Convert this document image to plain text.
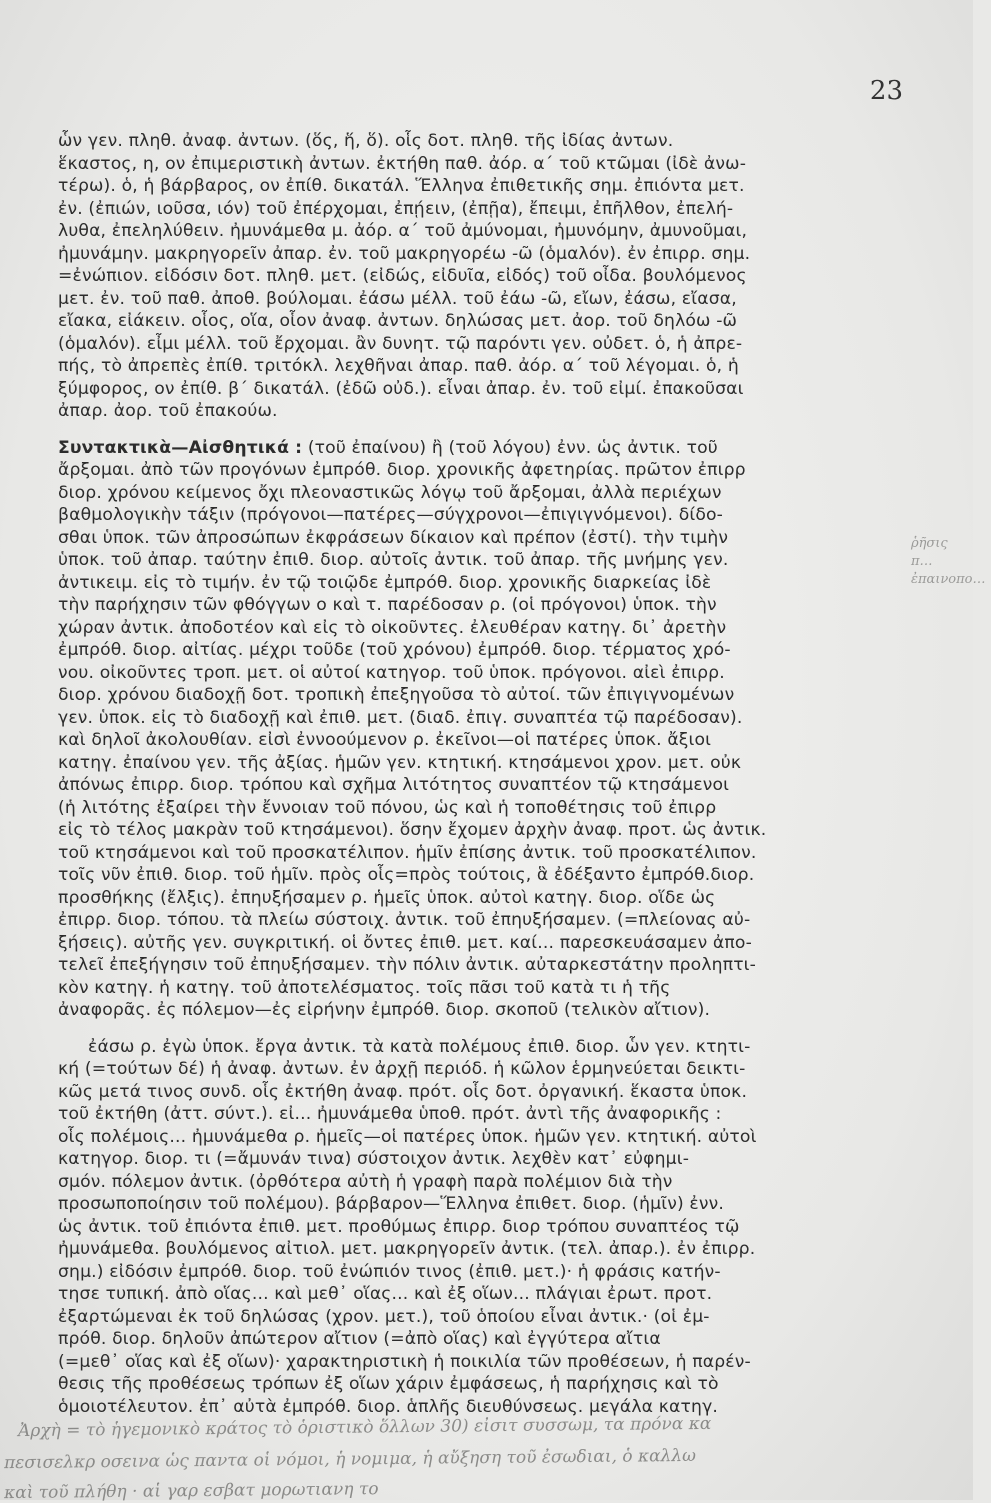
23
ὧν γεν. πληθ. ἀναφ. ἀντων. (ὅς, ἥ, ὅ). οἷς δοτ. πληθ. τῆς ἰδίας ἀντων.
ἕκαστος, η, ον ἐπιμεριστικὴ ἀντων. ἐκτήθη παθ. ἀόρ. α΄ τοῦ κτῶμαι (ἰδὲ ἀνω-
τέρω). ὁ, ἡ βάρβαρος, ον ἐπίθ. δικατάλ. Ἕλληνα ἐπιθετικῆς σημ. ἐπιόντα μετ.
ἐν. (ἐπιών, ιοῦσα, ιόν) τοῦ ἐπέρχομαι, ἐπῄειν, (ἐπῇα), ἔπειμι, ἐπῆλθον, ἐπελή-
λυθα, ἐπεληλύθειν. ἠμυνάμεθα μ. ἀόρ. α΄ τοῦ ἀμύνομαι, ἠμυνόμην, ἀμυνοῦμαι,
ἠμυνάμην. μακρηγορεῖν ἀπαρ. ἐν. τοῦ μακρηγορέω -ῶ (ὁμαλόν). ἐν ἐπιρρ. σημ.
=ἐνώπιον. εἰδόσιν δοτ. πληθ. μετ. (εἰδώς, εἰδυῖα, εἰδός) τοῦ οἶδα. βουλόμενος
μετ. ἐν. τοῦ παθ. ἀποθ. βούλομαι. ἐάσω μέλλ. τοῦ ἐάω -ῶ, εἴων, ἐάσω, εἴασα,
εἴακα, εἰάκειν. οἷος, οἵα, οἷον ἀναφ. ἀντων. δηλώσας μετ. ἀορ. τοῦ δηλόω -ῶ
(ὁμαλόν). εἶμι μέλλ. τοῦ ἔρχομαι. ἂν δυνητ. τῷ παρόντι γεν. οὐδετ. ὁ, ἡ ἀπρε-
πής, τὸ ἀπρεπὲς ἐπίθ. τριτόκλ. λεχθῆναι ἀπαρ. παθ. ἀόρ. α΄ τοῦ λέγομαι. ὁ, ἡ
ξύμφορος, ον ἐπίθ. β΄ δικατάλ. (ἐδῶ οὐδ.). εἶναι ἀπαρ. ἐν. τοῦ εἰμί. ἐπακοῦσαι
ἀπαρ. ἀορ. τοῦ ἐπακούω.
Συντακτικὰ—Αἰσθητικά : (τοῦ ἐπαίνου) ἢ (τοῦ λόγου) ἐνν. ὡς ἀντικ. τοῦ
ἄρξομαι. ἀπὸ τῶν προγόνων ἐμπρόθ. διορ. χρονικῆς ἀφετηρίας. πρῶτον ἐπιρρ
διορ. χρόνου κείμενος ὄχι πλεοναστικῶς λόγῳ τοῦ ἄρξομαι, ἀλλὰ περιέχων
βαθμολογικὴν τάξιν (πρόγονοι—πατέρες—σύγχρονοι—ἐπιγιγνόμενοι). δίδο-
σθαι ὑποκ. τῶν ἀπροσώπων ἐκφράσεων δίκαιον καὶ πρέπον (ἐστί). τὴν τιμὴν
ὑποκ. τοῦ ἀπαρ. ταύτην ἐπιθ. διορ. αὐτοῖς ἀντικ. τοῦ ἀπαρ. τῆς μνήμης γεν.
ἀντικειμ. εἰς τὸ τιμήν. ἐν τῷ τοιῷδε ἐμπρόθ. διορ. χρονικῆς διαρκείας ἰδὲ
τὴν παρήχησιν τῶν φθόγγων ο καὶ τ. παρέδοσαν ρ. (οἱ πρόγονοι) ὑποκ. τὴν
χώραν ἀντικ. ἀποδοτέον καὶ εἰς τὸ οἰκοῦντες. ἐλευθέραν κατηγ. δι᾽ ἀρετὴν
ἐμπρόθ. διορ. αἰτίας. μέχρι τοῦδε (τοῦ χρόνου) ἐμπρόθ. διορ. τέρματος χρό-
νου. οἰκοῦντες τροπ. μετ. οἱ αὐτοί κατηγορ. τοῦ ὑποκ. πρόγονοι. αἰεὶ ἐπιρρ.
διορ. χρόνου διαδοχῇ δοτ. τροπικὴ ἐπεξηγοῦσα τὸ αὐτοί. τῶν ἐπιγιγνομένων
γεν. ὑποκ. εἰς τὸ διαδοχῇ καὶ ἐπιθ. μετ. (διαδ. ἐπιγ. συναπτέα τῷ παρέδοσαν).
καὶ δηλοῖ ἀκολουθίαν. εἰσὶ ἐννοούμενον ρ. ἐκεῖνοι—οἱ πατέρες ὑποκ. ἄξιοι
κατηγ. ἐπαίνου γεν. τῆς ἀξίας. ἡμῶν γεν. κτητική. κτησάμενοι χρον. μετ. οὐκ
ἀπόνως ἐπιρρ. διορ. τρόπου καὶ σχῆμα λιτότητος συναπτέον τῷ κτησάμενοι
(ἡ λιτότης ἐξαίρει τὴν ἔννοιαν τοῦ πόνου, ὡς καὶ ἡ τοποθέτησις τοῦ ἐπιρρ
εἰς τὸ τέλος μακρὰν τοῦ κτησάμενοι). ὅσην ἔχομεν ἀρχὴν ἀναφ. προτ. ὡς ἀντικ.
τοῦ κτησάμενοι καὶ τοῦ προσκατέλιπον. ἡμῖν ἐπίσης ἀντικ. τοῦ προσκατέλιπον.
τοῖς νῦν ἐπιθ. διορ. τοῦ ἡμῖν. πρὸς οἷς=πρὸς τούτοις, ἃ ἐδέξαντο ἐμπρόθ.διορ.
προσθήκης (ἔλξις). ἐπηυξήσαμεν ρ. ἡμεῖς ὑποκ. αὐτοὶ κατηγ. διορ. οἵδε ὡς
ἐπιρρ. διορ. τόπου. τὰ πλείω σύστοιχ. ἀντικ. τοῦ ἐπηυξήσαμεν. (=πλείονας αὐ-
ξήσεις). αὐτῆς γεν. συγκριτική. οἱ ὄντες ἐπιθ. μετ. καί... παρεσκευάσαμεν ἀπο-
τελεῖ ἐπεξήγησιν τοῦ ἐπηυξήσαμεν. τὴν πόλιν ἀντικ. αὐταρκεστάτην προληπτι-
κὸν κατηγ. ἡ κατηγ. τοῦ ἀποτελέσματος. τοῖς πᾶσι τοῦ κατὰ τι ἡ τῆς
ἀναφορᾶς. ἐς πόλεμον—ἐς εἰρήνην ἐμπρόθ. διορ. σκοποῦ (τελικὸν αἴτιον).
ἐάσω ρ. ἐγὼ ὑποκ. ἔργα ἀντικ. τὰ κατὰ πολέμους ἐπιθ. διορ. ὧν γεν. κτητι-
κή (=τούτων δέ) ἡ ἀναφ. ἀντων. ἐν ἀρχῇ περιόδ. ἡ κῶλον ἑρμηνεύεται δεικτι-
κῶς μετά τινος συνδ. οἷς ἐκτήθη ἀναφ. πρότ. οἷς δοτ. ὀργανική. ἕκαστα ὑποκ.
τοῦ ἐκτήθη (ἀττ. σύντ.). εἰ... ἠμυνάμεθα ὑποθ. πρότ. ἀντὶ τῆς ἀναφορικῆς :
οἷς πολέμοις... ἠμυνάμεθα ρ. ἡμεῖς—οἱ πατέρες ὑποκ. ἡμῶν γεν. κτητική. αὐτοὶ
κατηγορ. διορ. τι (=ἄμυνάν τινα) σύστοιχον ἀντικ. λεχθὲν κατ᾽ εὐφημι-
σμόν. πόλεμον ἀντικ. (ὀρθότερα αὐτὴ ἡ γραφὴ παρὰ πολέμιον διὰ τὴν
προσωποποίησιν τοῦ πολέμου). βάρβαρον—Ἕλληνα ἐπιθετ. διορ. (ἡμῖν) ἐνν.
ὡς ἀντικ. τοῦ ἐπιόντα ἐπιθ. μετ. προθύμως ἐπιρρ. διορ τρόπου συναπτέος τῷ
ἠμυνάμεθα. βουλόμενος αἰτιολ. μετ. μακρηγορεῖν ἀντικ. (τελ. ἀπαρ.). ἐν ἐπιρρ.
σημ.) εἰδόσιν ἐμπρόθ. διορ. τοῦ ἐνώπιόν τινος (ἐπιθ. μετ.)· ἡ φράσις κατήν-
τησε τυπική. ἀπὸ οἵας... καὶ μεθ᾽ οἵας... καὶ ἐξ οἵων... πλάγιαι ἐρωτ. προτ.
ἐξαρτώμεναι ἐκ τοῦ δηλώσας (χρον. μετ.), τοῦ ὁποίου εἶναι ἀντικ.· (οἱ ἐμ-
πρόθ. διορ. δηλοῦν ἀπώτερον αἴτιον (=ἀπὸ οἵας) καὶ ἐγγύτερα αἴτια
(=μεθ᾽ οἵας καὶ ἐξ οἵων)· χαρακτηριστικὴ ἡ ποικιλία τῶν προθέσεων, ἡ παρέν-
θεσις τῆς προθέσεως τρόπων ἐξ οἵων χάριν ἐμφάσεως, ἡ παρήχησις καὶ τὸ
ὁμοιοτέλευτον. ἐπ᾽ αὐτὰ ἐμπρόθ. διορ. ἁπλῆς διευθύνσεως. μεγάλα κατηγ.
ῥῆσις π… ἐπαινοπο…
Ἀρχὴ = τὸ ἡγεμονικὸ κράτος τὸ ὁριστικὸ ὅλλων 30) εἰσιτ συσσωμ, τα πρόνα κα
πεσισελκρ οσεινα ὡς παντα οἱ νόμοι, ἡ νομιμα, ἡ αὔξηση τοῦ ἐσωδιαι, ὁ καλλω
καὶ τοῦ πλήθη · αἱ γαρ εσβατ μορωτιανη το
